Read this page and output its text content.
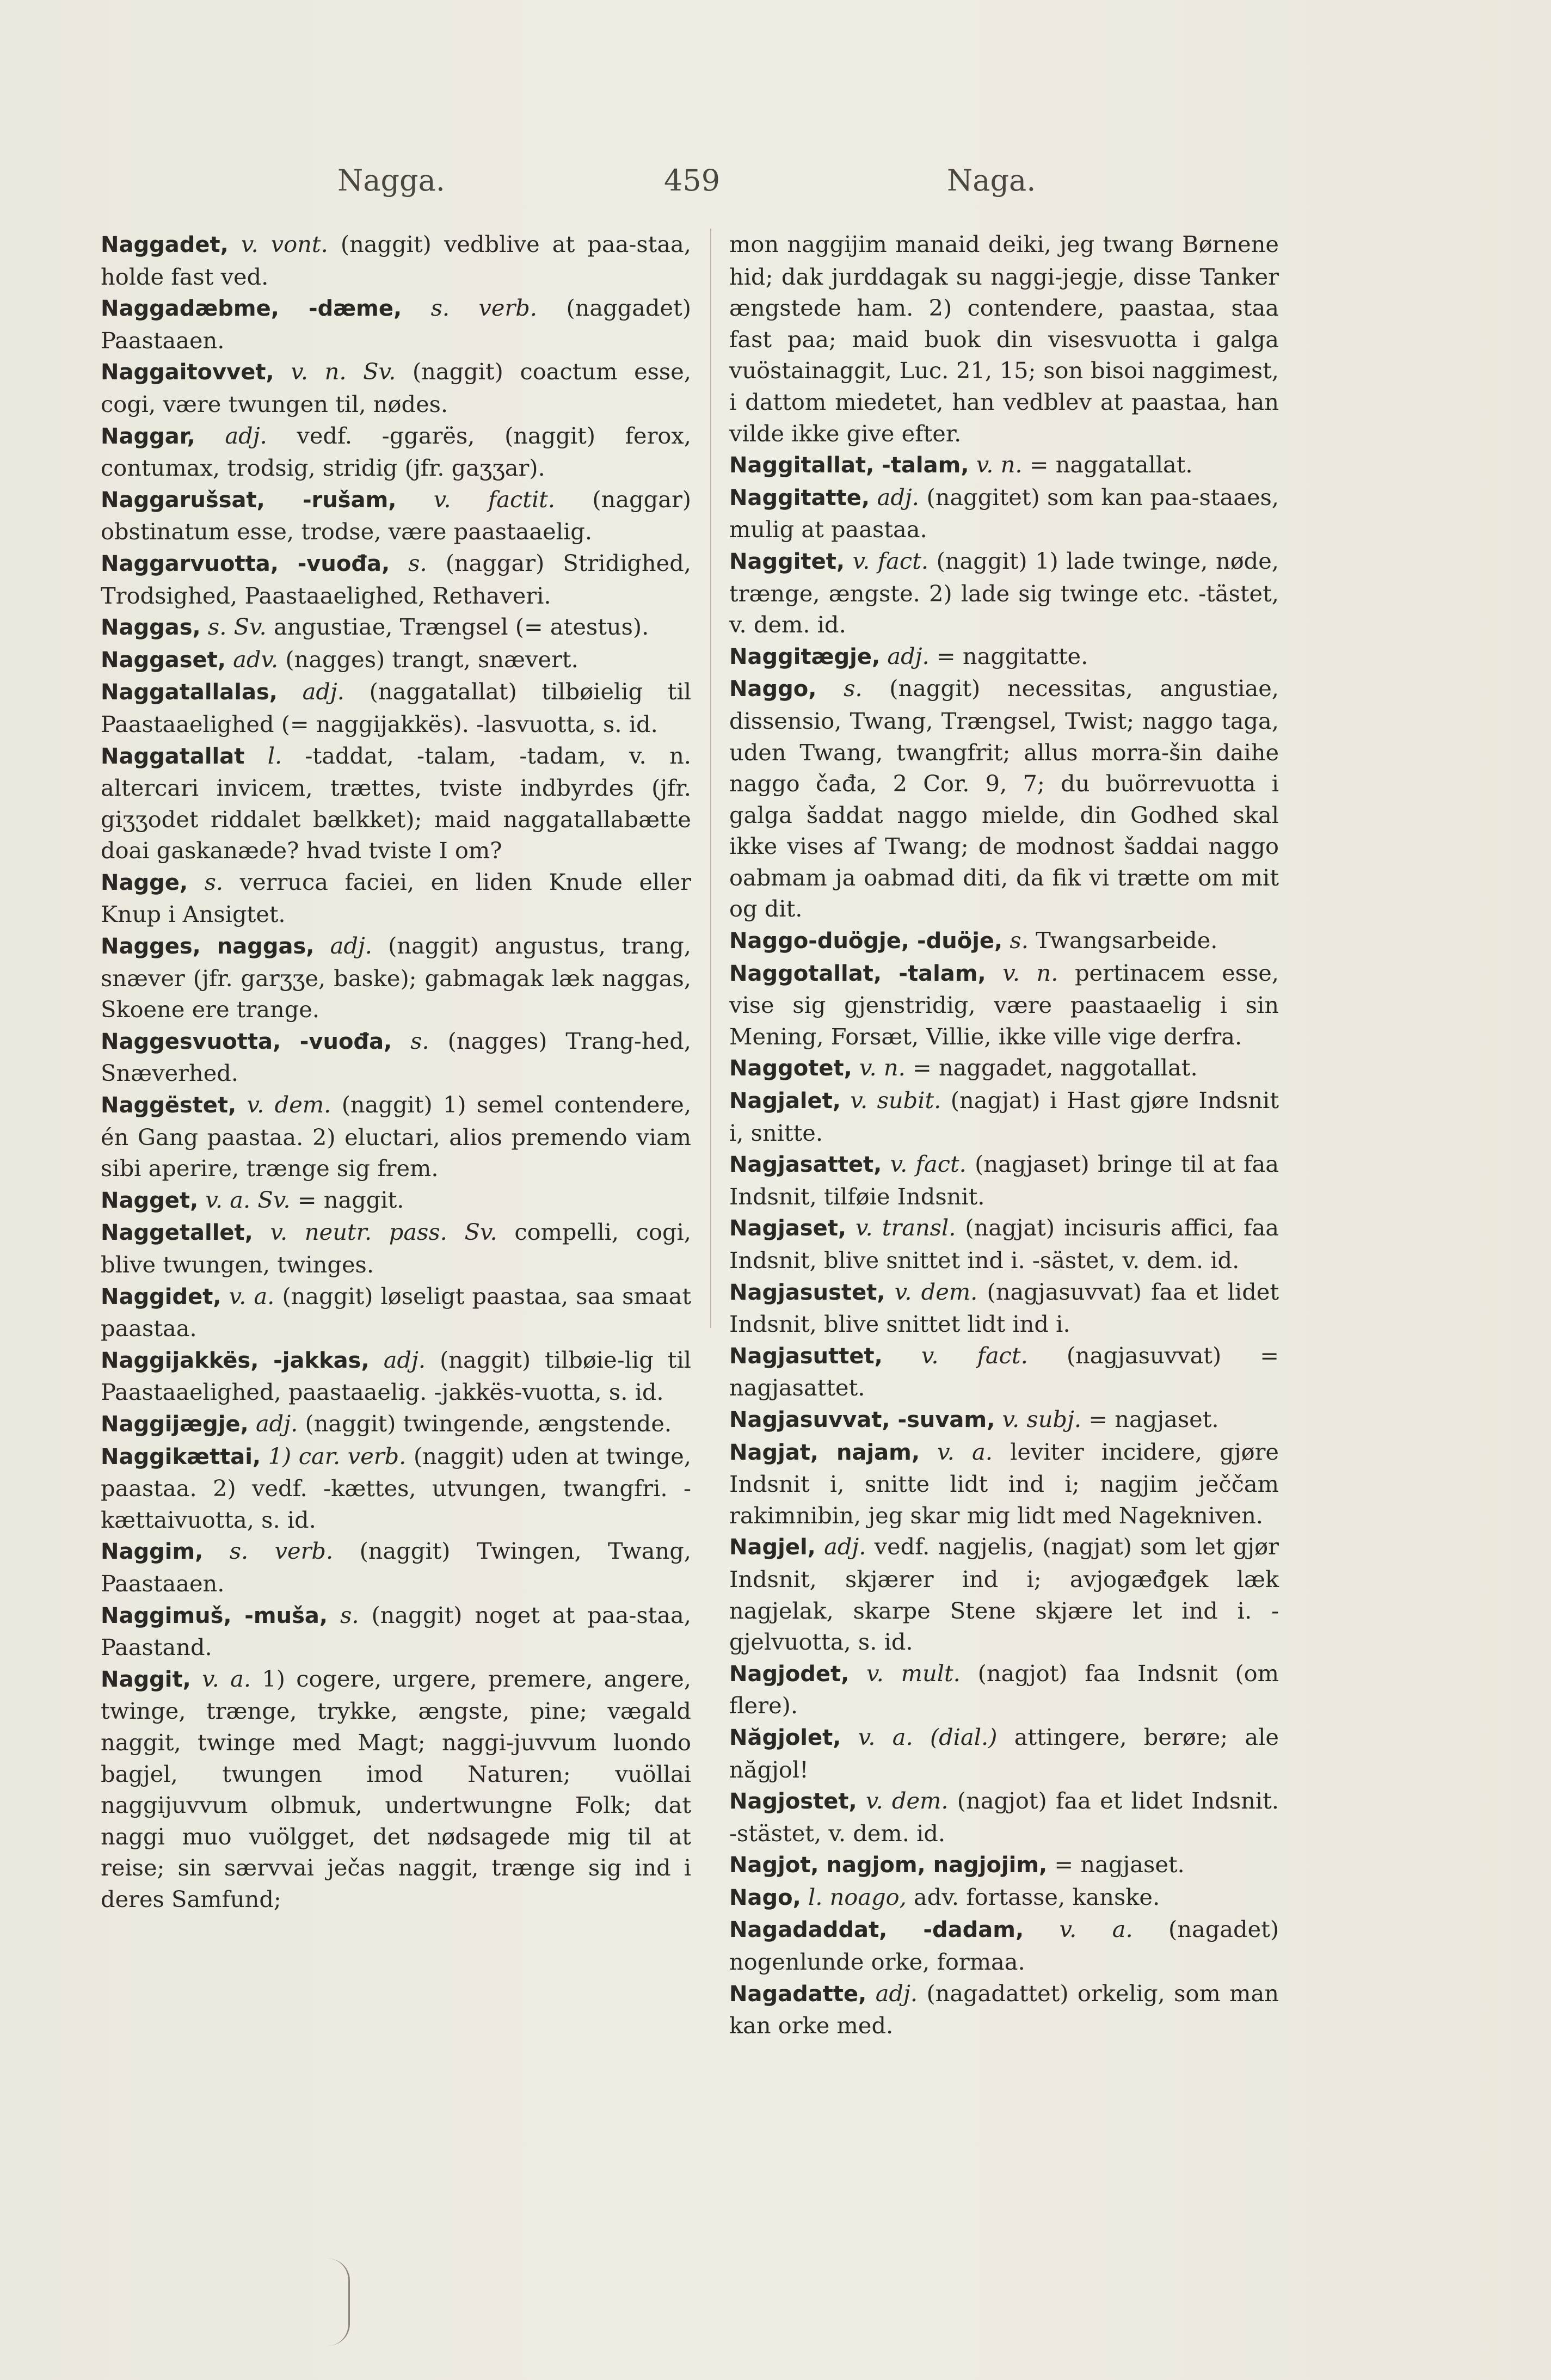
Nagga.	459	Naga.

Naggadet, v. vont. (naggit) vedblive at paa-staa, holde fast ved.

Naggadæbme, -dæme, s. verb. (naggadet) Paastaaen.

Naggaitovvet, v. n. Sv. (naggit) coactum esse, cogi, være twungen til, nødes.

Naggar, adj. vedf. -ggarës, (naggit) ferox, contumax, trodsig, stridig (jfr. gaʒʒar).

Naggarušsat, -rušam, v. factit. (naggar) obstinatum esse, trodse, være paastaaelig.

Naggarvuotta, -vuođa, s. (naggar) Stridighed, Trodsighed, Paastaaelighed, Rethaveri.

Naggas, s. Sv. angustiae, Trængsel (= atestus).

Naggaset, adv. (nagges) trangt, snævert.

Naggatallalas, adj. (naggatallat) tilbøielig til Paastaaelighed (= naggijakkës). -lasvuotta, s. id.

Naggatallat l. -taddat, -talam, -tadam, v. n. altercari invicem, trættes, tviste indbyrdes (jfr. giʒʒodet riddalet bælkket); maid naggatallabætte doai gaskanæde? hvad tviste I om?

Nagge, s. verruca faciei, en liden Knude eller Knup i Ansigtet.

Nagges, naggas, adj. (naggit) angustus, trang, snæver (jfr. garʒʒe, baske); gabmagak læk naggas, Skoene ere trange.

Naggesvuotta, -vuođa, s. (nagges) Trang-hed, Snæverhed.

Naggëstet, v. dem. (naggit) 1) semel contendere, én Gang paastaa. 2) eluctari, alios premendo viam sibi aperire, trænge sig frem.

Nagget, v. a. Sv. = naggit.

Naggetallet, v. neutr. pass. Sv. compelli, cogi, blive twungen, twinges.

Naggidet, v. a. (naggit) løseligt paastaa, saa smaat paastaa.

Naggijakkës, -jakkas, adj. (naggit) tilbøie-lig til Paastaaelighed, paastaaelig. -jakkës-vuotta, s. id.

Naggijægje, adj. (naggit) twingende, ængstende.

Naggikættai, 1) car. verb. (naggit) uden at twinge, paastaa. 2) vedf. -kættes, utvungen, twangfri. -kættaivuotta, s. id.

Naggim, s. verb. (naggit) Twingen, Twang, Paastaaen.

Naggimuš, -muša, s. (naggit) noget at paa-staa, Paastand.

Naggit, v. a. 1) cogere, urgere, premere, angere, twinge, trænge, trykke, ængste, pine; vægald naggit, twinge med Magt; naggi-juvvum luondo bagjel, twungen imod Naturen; vuöllai naggijuvvum olbmuk, undertwungne Folk; dat naggi muo vuölgget, det nødsagede mig til at reise; sin særvvai ječas naggit, trænge sig ind i deres Samfund;

mon naggijim manaid deiki, jeg twang Børnene hid; dak jurddagak su naggi-jegje, disse Tanker ængstede ham. 2) contendere, paastaa, staa fast paa; maid buok din visesvuotta i galga vuöstainaggit, Luc. 21, 15; son bisoi naggimest, i dattom miedetet, han vedblev at paastaa, han vilde ikke give efter.

Naggitallat, -talam, v. n. = naggatallat.

Naggitatte, adj. (naggitet) som kan paa-staaes, mulig at paastaa.

Naggitet, v. fact. (naggit) 1) lade twinge, nøde, trænge, ængste. 2) lade sig twinge etc. -tästet, v. dem. id.

Naggitægje, adj. = naggitatte.

Naggo, s. (naggit) necessitas, angustiae, dissensio, Twang, Trængsel, Twist; naggo taga, uden Twang, twangfrit; allus morra-šin daihe naggo čađa, 2 Cor. 9, 7; du buörrevuotta i galga šaddat naggo mielde, din Godhed skal ikke vises af Twang; de modnost šaddai naggo oabmam ja oabmad diti, da fik vi trætte om mit og dit.

Naggo-duögje, -duöje, s. Twangsarbeide.

Naggotallat, -talam, v. n. pertinacem esse, vise sig gjenstridig, være paastaaelig i sin Mening, Forsæt, Villie, ikke ville vige derfra.

Naggotet, v. n. = naggadet, naggotallat.

Nagjalet, v. subit. (nagjat) i Hast gjøre Indsnit i, snitte.

Nagjasattet, v. fact. (nagjaset) bringe til at faa Indsnit, tilføie Indsnit.

Nagjaset, v. transl. (nagjat) incisuris affici, faa Indsnit, blive snittet ind i. -sästet, v. dem. id.

Nagjasustet, v. dem. (nagjasuvvat) faa et lidet Indsnit, blive snittet lidt ind i.

Nagjasuttet, v. fact. (nagjasuvvat) = nagjasattet.

Nagjasuvvat, -suvam, v. subj. = nagjaset.

Nagjat, najam, v. a. leviter incidere, gjøre Indsnit i, snitte lidt ind i; nagjim ječčam rakimnibin, jeg skar mig lidt med Nagekniven.

Nagjel, adj. vedf. nagjelis, (nagjat) som let gjør Indsnit, skjærer ind i; avjogæđgek læk nagjelak, skarpe Stene skjære let ind i. -gjelvuotta, s. id.

Nagjodet, v. mult. (nagjot) faa Indsnit (om flere).

Năgjolet, v. a. (dial.) attingere, berøre; ale năgjol!

Nagjostet, v. dem. (nagjot) faa et lidet Indsnit. -stästet, v. dem. id.

Nagjot, nagjom, nagjojim, = nagjaset.

Nago, l. noago, adv. fortasse, kanske.

Nagadaddat, -dadam, v. a. (nagadet) nogenlunde orke, formaa.

Nagadatte, adj. (nagadattet) orkelig, som man kan orke med.
